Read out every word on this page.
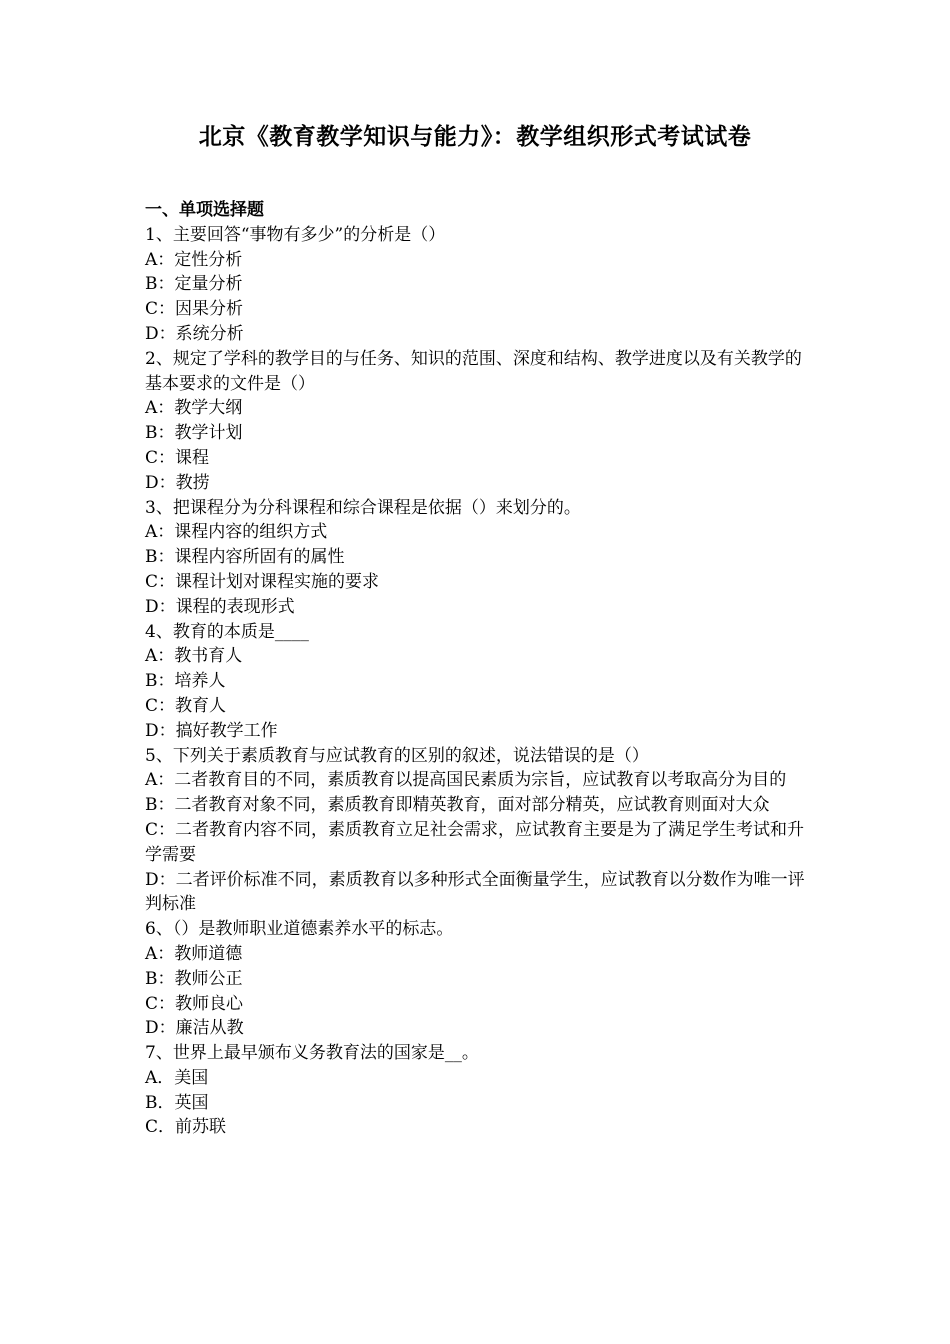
北京《教育教学知识与能力》：教学组织形式考试试卷
一、单项选择题
1、主要回答“事物有多少”的分析是（）
A：定性分析
B：定量分析
C：因果分析
D：系统分析
2、规定了学科的教学目的与任务、知识的范围、深度和结构、教学进度以及有关教学的基本要求的文件是（）
A：教学大纲
B：教学计划
C：课程
D：教捞
3、把课程分为分科课程和综合课程是依据（）来划分的。
A：课程内容的组织方式
B：课程内容所固有的属性
C：课程计划对课程实施的要求
D：课程的表现形式
4、教育的本质是____
A：教书育人
B：培养人
C：教育人
D：搞好教学工作
5、下列关于素质教育与应试教育的区别的叙述，说法错误的是（）
A：二者教育目的不同，素质教育以提高国民素质为宗旨，应试教育以考取高分为目的
B：二者教育对象不同，素质教育即精英教育，面对部分精英，应试教育则面对大众
C：二者教育内容不同，素质教育立足社会需求，应试教育主要是为了满足学生考试和升学需要
D：二者评价标准不同，素质教育以多种形式全面衡量学生，应试教育以分数作为唯一评判标准
6、（）是教师职业道德素养水平的标志。
A：教师道德
B：教师公正
C：教师良心
D：廉洁从教
7、世界上最早颁布义务教育法的国家是__。
A．美国
B．英国
C．前苏联
